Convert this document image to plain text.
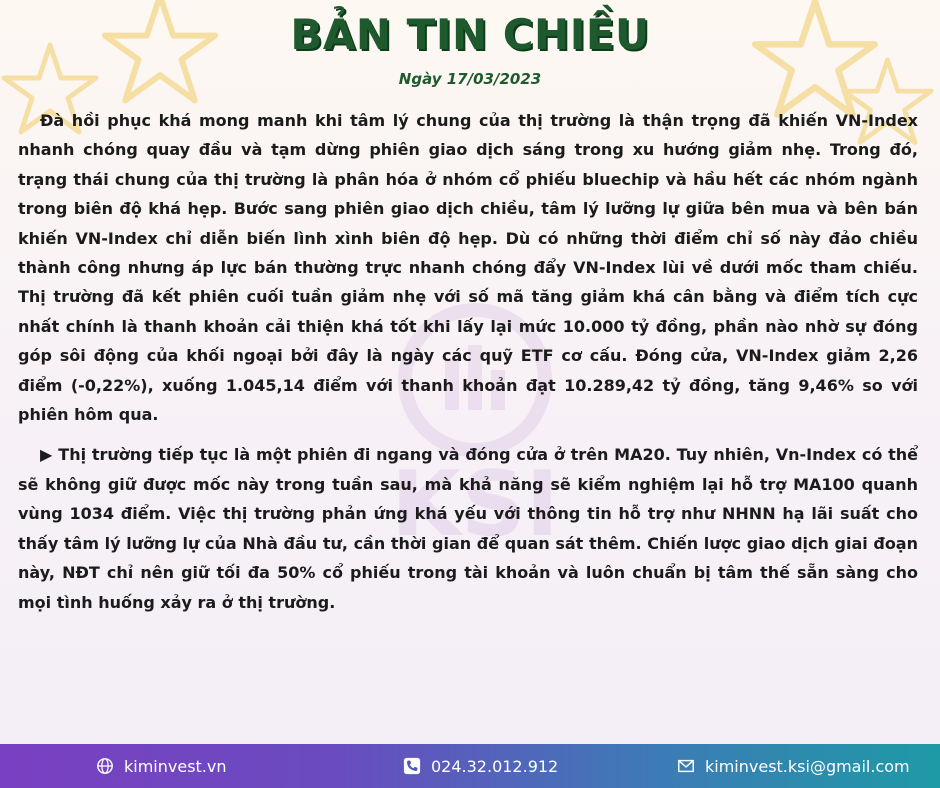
KSI
BẢN TIN CHIỀU
Ngày 17/03/2023

Đà hồi phục khá mong manh khi tâm lý chung của thị trường là thận trọng đã khiến VN-Index nhanh chóng quay đầu và tạm dừng phiên giao dịch sáng trong xu hướng giảm nhẹ. Trong đó, trạng thái chung của thị trường là phân hóa ở nhóm cổ phiếu bluechip và hầu hết các nhóm ngành trong biên độ khá hẹp. Bước sang phiên giao dịch chiều, tâm lý lưỡng lự giữa bên mua và bên bán khiến VN-Index chỉ diễn biến lình xình biên độ hẹp. Dù có những thời điểm chỉ số này đảo chiều thành công nhưng áp lực bán thường trực nhanh chóng đẩy VN-Index lùi về dưới mốc tham chiếu. Thị trường đã kết phiên cuối tuần giảm nhẹ với số mã tăng giảm khá cân bằng và điểm tích cực nhất chính là thanh khoản cải thiện khá tốt khi lấy lại mức 10.000 tỷ đồng, phần nào nhờ sự đóng góp sôi động của khối ngoại bởi đây là ngày các quỹ ETF cơ cấu. Đóng cửa, VN-Index giảm 2,26 điểm (-0,22%), xuống 1.045,14 điểm với thanh khoản đạt 10.289,42 tỷ đồng, tăng 9,46% so với phiên hôm qua.

▶ Thị trường tiếp tục là một phiên đi ngang và đóng cửa ở trên MA20. Tuy nhiên, Vn-Index có thể sẽ không giữ được mốc này trong tuần sau, mà khả năng sẽ kiểm nghiệm lại hỗ trợ MA100 quanh vùng 1034 điểm. Việc thị trường phản ứng khá yếu với thông tin hỗ trợ như NHNN hạ lãi suất cho thấy tâm lý lưỡng lự của Nhà đầu tư, cần thời gian để quan sát thêm. Chiến lược giao dịch giai đoạn này, NĐT chỉ nên giữ tối đa 50% cổ phiếu trong tài khoản và luôn chuẩn bị tâm thế sẵn sàng cho mọi tình huống xảy ra ở thị trường.

kiminvest.vn	024.32.012.912	kiminvest.ksi@gmail.com
